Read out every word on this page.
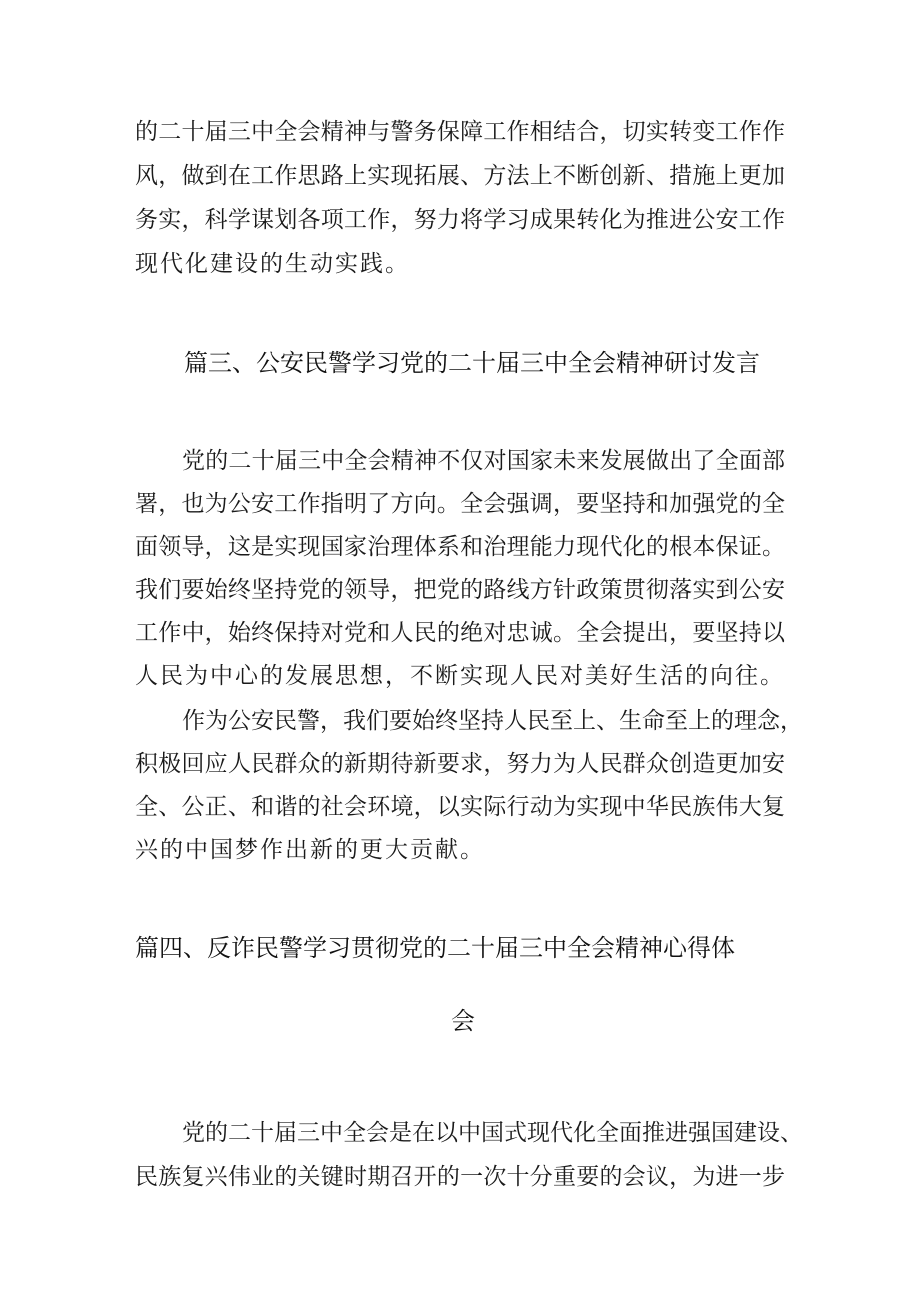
的二十届三中全会精神与警务保障工作相结合，切实转变工作作
风，做到在工作思路上实现拓展、方法上不断创新、措施上更加
务实，科学谋划各项工作，努力将学习成果转化为推进公安工作
现代化建设的生动实践。
篇三、公安民警学习党的二十届三中全会精神研讨发言
党的二十届三中全会精神不仅对国家未来发展做出了全面部
署，也为公安工作指明了方向。全会强调，要坚持和加强党的全
面领导，这是实现国家治理体系和治理能力现代化的根本保证。
我们要始终坚持党的领导，把党的路线方针政策贯彻落实到公安
工作中，始终保持对党和人民的绝对忠诚。全会提出，要坚持以
人民为中心的发展思想，不断实现人民对美好生活的向往。
作为公安民警，我们要始终坚持人民至上、生命至上的理念，
积极回应人民群众的新期待新要求，努力为人民群众创造更加安
全、公正、和谐的社会环境，以实际行动为实现中华民族伟大复
兴的中国梦作出新的更大贡献。
篇四、反诈民警学习贯彻党的二十届三中全会精神心得体
会
党的二十届三中全会是在以中国式现代化全面推进强国建设、
民族复兴伟业的关键时期召开的一次十分重要的会议，为进一步
